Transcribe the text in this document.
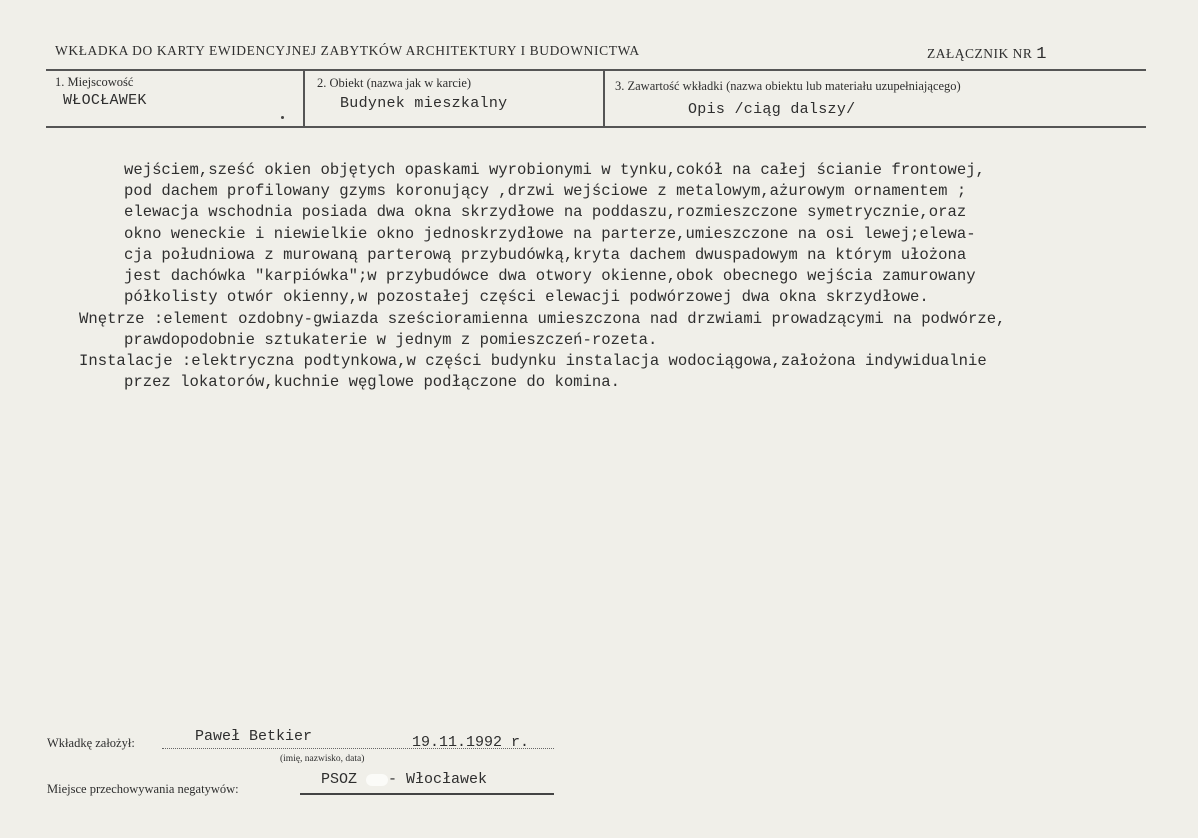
WKŁADKA DO KARTY EWIDENCYJNEJ ZABYTKÓW ARCHITEKTURY I BUDOWNICTWA	ZAŁĄCZNIK NR 1
1. Miejscowość
WŁOCŁAWEK
2. Obiekt (nazwa jak w karcie)
Budynek mieszkalny
3. Zawartość wkładki (nazwa obiektu lub materiału uzupełniającego)
Opis /ciąg dalszy/
wejściem,sześć okien objętych opaskami wyrobionymi w tynku,cokół na całej ścianie frontowej,
pod dachem profilowany gzyms koronujący ,drzwi wejściowe z metalowym,ażurowym ornamentem ;
elewacja wschodnia posiada dwa okna skrzydłowe na poddaszu,rozmieszczone symetrycznie,oraz
okno weneckie i niewielkie okno jednoskrzydłowe na parterze,umieszczone na osi lewej;elewa-
cja południowa z murowaną parterową przybudówką,kryta dachem dwuspadowym na którym ułożona
jest dachówka "karpiówka";w przybudówce dwa otwory okienne,obok obecnego wejścia zamurowany
półkolisty otwór okienny,w pozostałej części elewacji podwórzowej dwa okna skrzydłowe.
Wnętrze :element ozdobny-gwiazda sześcioramienna umieszczona nad drzwiami prowadzącymi na podwórze,
prawdopodobnie sztukaterie w jednym z pomieszczeń-rozeta.
Instalacje :elektryczna podtynkowa,w części budynku instalacja wodociągowa,założona indywidualnie
przez lokatorów,kuchnie węglowe podłączone do komina.
Wkładkę założył:	Paweł Betkier	19.11.1992 r.
(imię, nazwisko, data)
Miejsce przechowywania negatywów:
PSOZ - Włocławek
